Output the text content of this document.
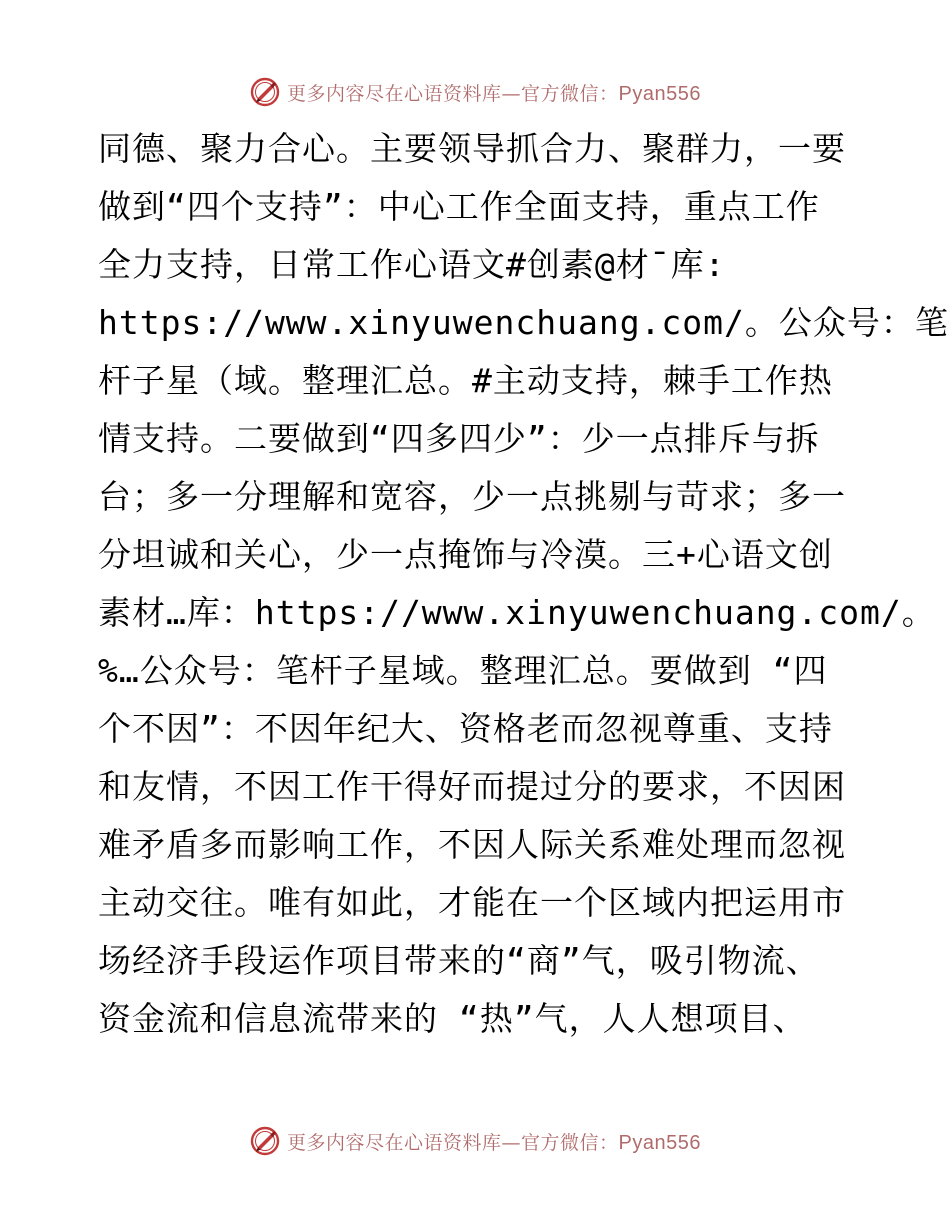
更多内容尽在心语资料库—官方微信：Pyan556
同德、聚力合心。主要领导抓合力、聚群力，一要
做到“四个支持”：中心工作全面支持，重点工作
全力支持，日常工作心语文#创素@材¯库:
https://www.xinyuwenchuang.com/。公众号：笔
杆子星（域。整理汇总。#主动支持，棘手工作热
情支持。二要做到“四多四少”：少一点排斥与拆
台；多一分理解和宽容，少一点挑剔与苛求；多一
分坦诚和关心，少一点掩饰与冷漠。三+心语文创
素材…库：https://www.xinyuwenchuang.com/。
%…公众号：笔杆子星域。整理汇总。要做到 “四
个不因”：不因年纪大、资格老而忽视尊重、支持
和友情，不因工作干得好而提过分的要求，不因困
难矛盾多而影响工作，不因人际关系难处理而忽视
主动交往。唯有如此，才能在一个区域内把运用市
场经济手段运作项目带来的“商”气，吸引物流、
资金流和信息流带来的 “热”气，人人想项目、
更多内容尽在心语资料库—官方微信：Pyan556
